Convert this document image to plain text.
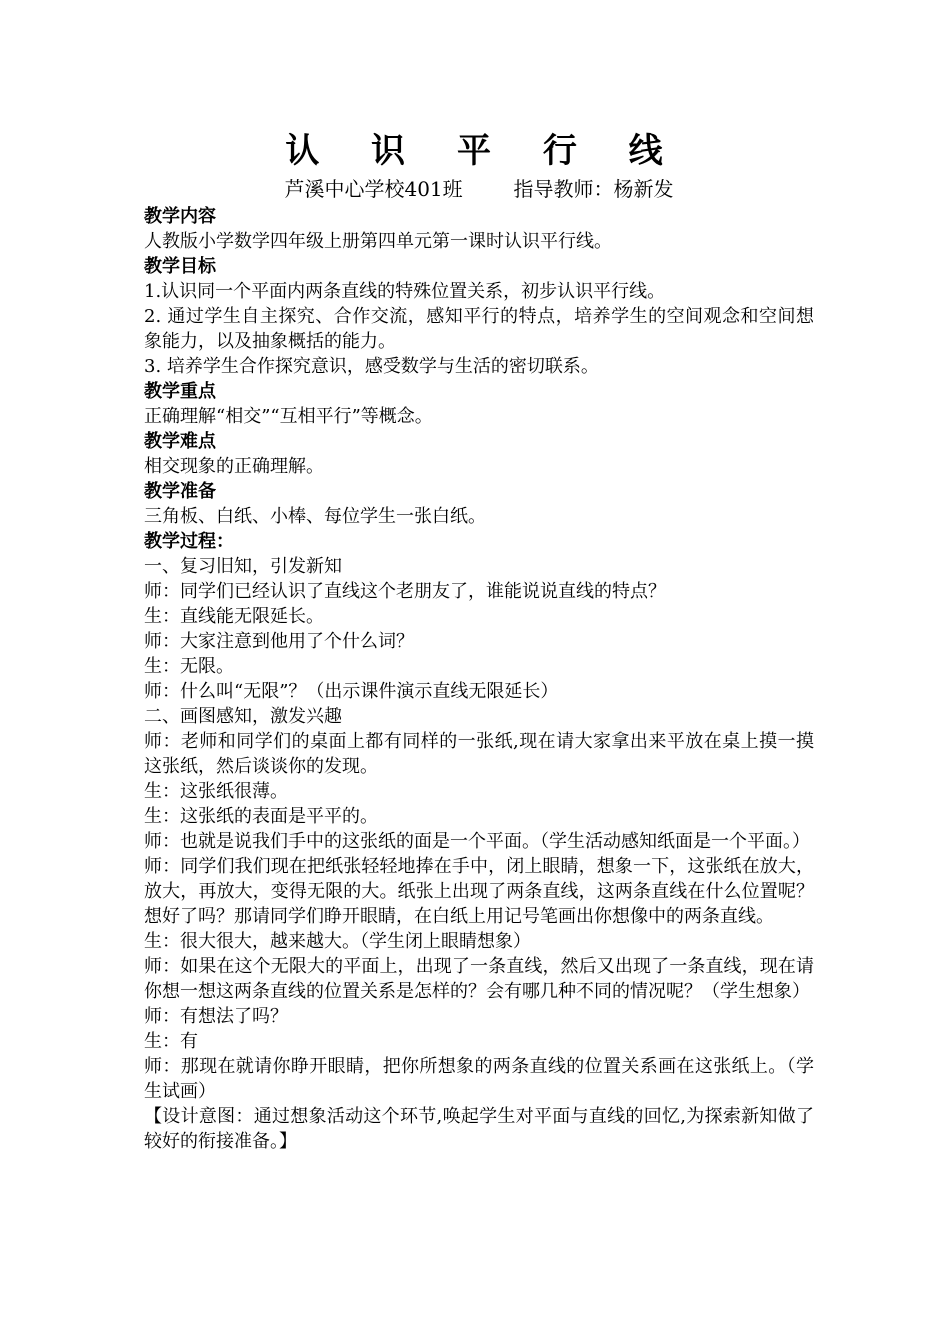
认 识 平 行 线
芦溪中心学校401班        指导教师：杨新发
教学内容
人教版小学数学四年级上册第四单元第一课时认识平行线。
教学目标
1.认识同一个平面内两条直线的特殊位置关系，初步认识平行线。
2. 通过学生自主探究、合作交流，感知平行的特点，培养学生的空间观念和空间想象能力，以及抽象概括的能力。
3. 培养学生合作探究意识，感受数学与生活的密切联系。
教学重点
正确理解“相交”“互相平行”等概念。
教学难点
相交现象的正确理解。
教学准备
三角板、白纸、小棒、每位学生一张白纸。
教学过程：
一、复习旧知，引发新知
师：同学们已经认识了直线这个老朋友了，谁能说说直线的特点？
生：直线能无限延长。
师：大家注意到他用了个什么词？
生：无限。
师：什么叫“无限”？（出示课件演示直线无限延长）
二、画图感知，激发兴趣
师：老师和同学们的桌面上都有同样的一张纸,现在请大家拿出来平放在桌上摸一摸这张纸，然后谈谈你的发现。
生：这张纸很薄。
生：这张纸的表面是平平的。
师：也就是说我们手中的这张纸的面是一个平面。（学生活动感知纸面是一个平面。）
师：同学们我们现在把纸张轻轻地捧在手中，闭上眼睛，想象一下，这张纸在放大，放大，再放大，变得无限的大。纸张上出现了两条直线，这两条直线在什么位置呢？想好了吗？那请同学们睁开眼睛，在白纸上用记号笔画出你想像中的两条直线。
生：很大很大，越来越大。（学生闭上眼睛想象）
师：如果在这个无限大的平面上，出现了一条直线，然后又出现了一条直线，现在请你想一想这两条直线的位置关系是怎样的？会有哪几种不同的情况呢？（学生想象）
师：有想法了吗？
生：有
师：那现在就请你睁开眼睛，把你所想象的两条直线的位置关系画在这张纸上。（学生试画）
【设计意图：通过想象活动这个环节,唤起学生对平面与直线的回忆,为探索新知做了较好的衔接准备。】
